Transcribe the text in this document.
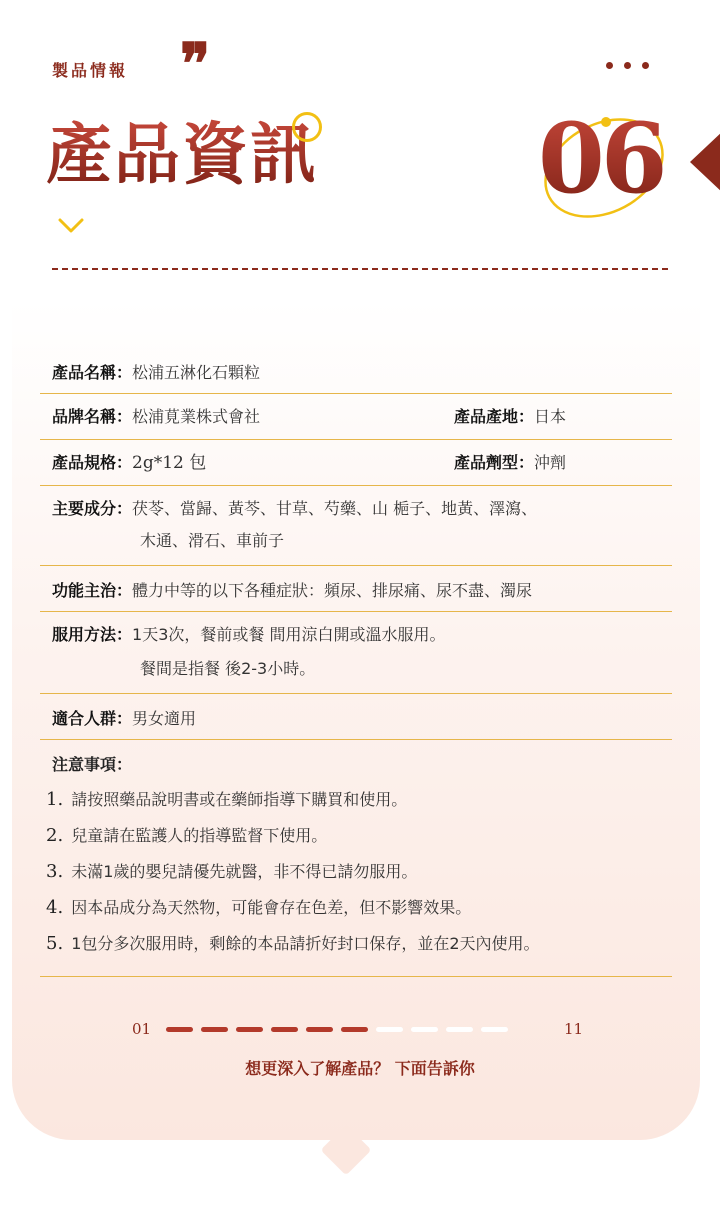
製品情報 ❞
產品資訊 06
產品名稱：松浦五淋化石顆粒
品牌名稱：松浦莧業株式會社	產品產地：日本
產品規格：2g*12 包	產品劑型：沖劑
主要成分：茯苓、當歸、黃芩、甘草、芍藥、山 梔子、地黃、澤瀉、
木通、滑石、車前子
功能主治：體力中等的以下各種症狀：頻尿、排尿痛、尿不盡、濁尿
服用方法：1天3次，餐前或餐 間用涼白開或溫水服用。
餐間是指餐 後2-3小時。
適合人群：男女適用
注意事項：
1. 請按照藥品說明書或在藥師指導下購買和使用。
2. 兒童請在監護人的指導監督下使用。
3. 未滿1歲的嬰兒請優先就醫，非不得已請勿服用。
4. 因本品成分為天然物，可能會存在色差，但不影響效果。
5. 1包分多次服用時，剩餘的本品請折好封口保存，並在2天內使用。
01	11
想更深入了解產品？ 下面告訴你
